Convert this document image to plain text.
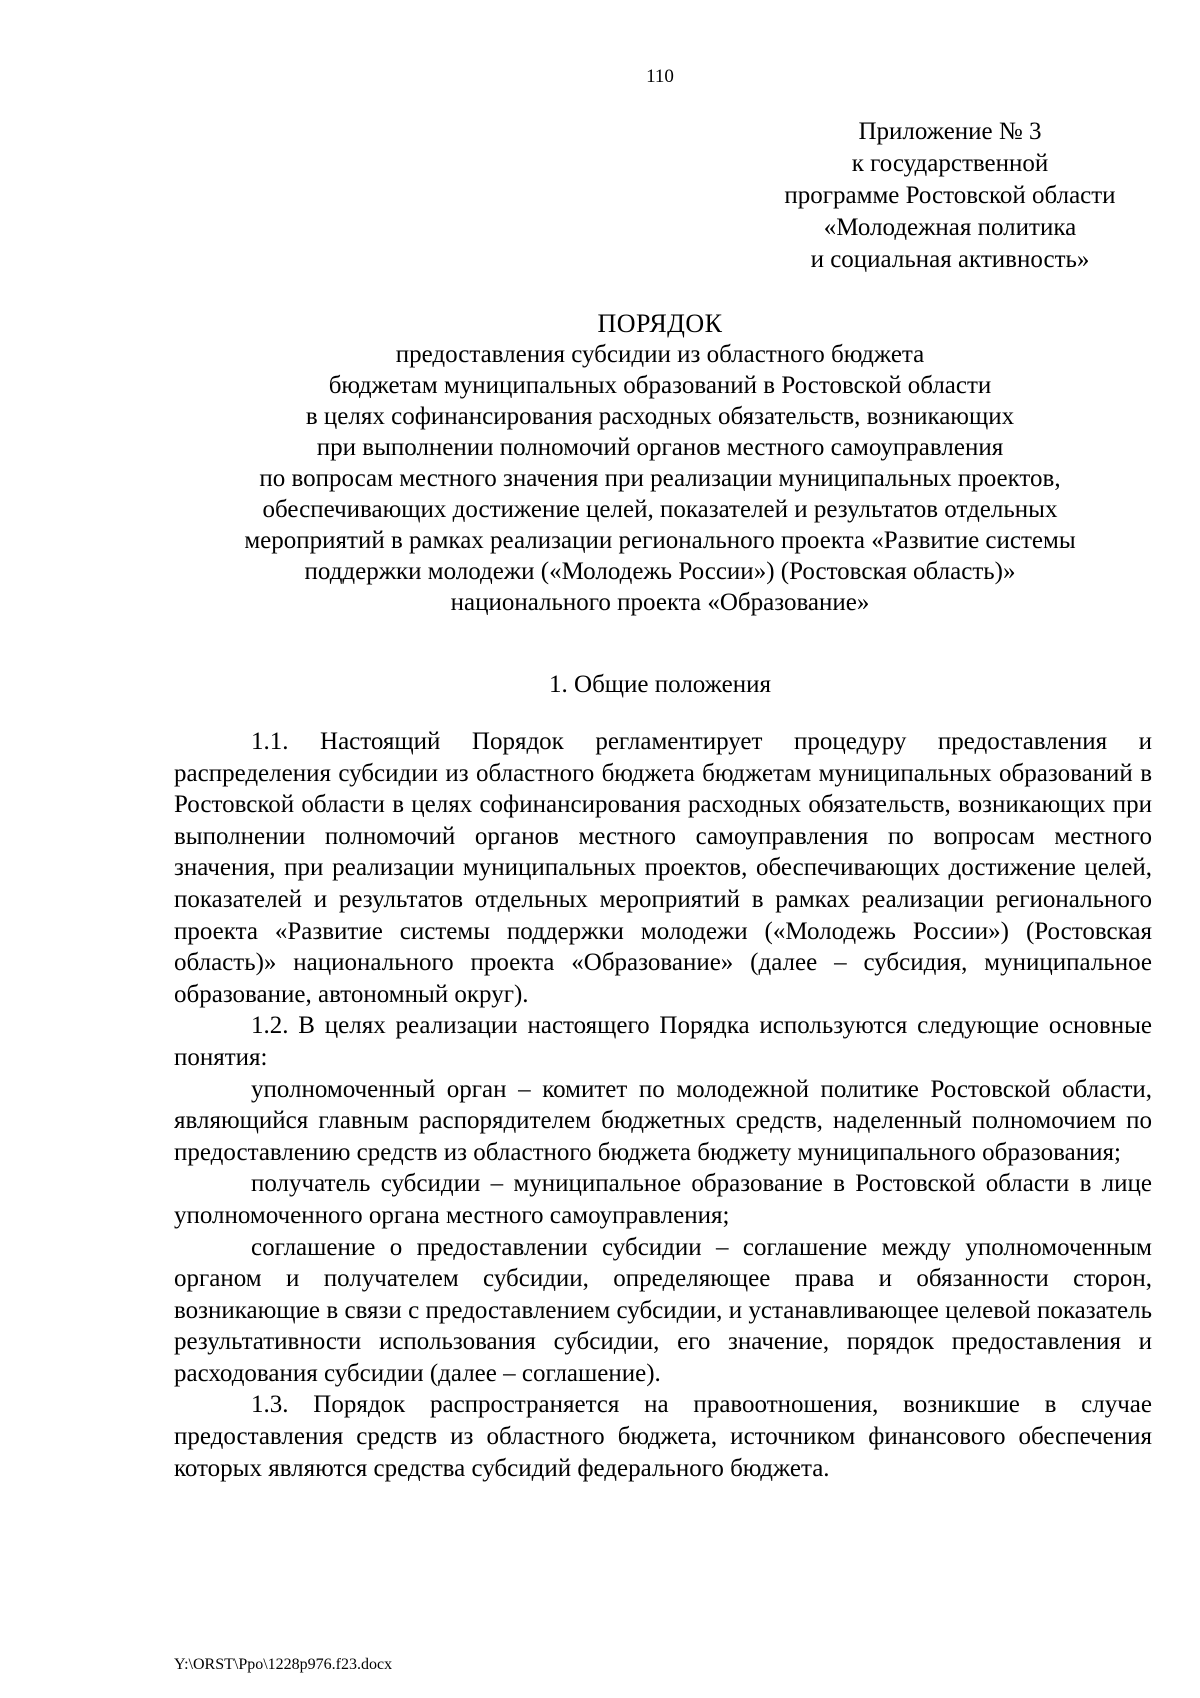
110
Приложение № 3
к государственной
программе Ростовской области
«Молодежная политика
и социальная активность»
ПОРЯДОК
предоставления субсидии из областного бюджета
бюджетам муниципальных образований в Ростовской области
в целях софинансирования расходных обязательств, возникающих
при выполнении полномочий органов местного самоуправления
по вопросам местного значения при реализации муниципальных проектов,
обеспечивающих достижение целей, показателей и результатов отдельных
мероприятий в рамках реализации регионального проекта «Развитие системы
поддержки молодежи («Молодежь России») (Ростовская область)»
национального проекта «Образование»
1. Общие положения

1.1. Настоящий Порядок регламентирует процедуру предоставления и распределения субсидии из областного бюджета бюджетам муниципальных образований в Ростовской области в целях софинансирования расходных обязательств, возникающих при выполнении полномочий органов местного самоуправления по вопросам местного значения, при реализации муниципальных проектов, обеспечивающих достижение целей, показателей и результатов отдельных мероприятий в рамках реализации регионального проекта «Развитие системы поддержки молодежи («Молодежь России») (Ростовская область)» национального проекта «Образование» (далее – субсидия, муниципальное образование, автономный округ).

1.2. В целях реализации настоящего Порядка используются следующие основные понятия:

уполномоченный орган – комитет по молодежной политике Ростовской области, являющийся главным распорядителем бюджетных средств, наделенный полномочием по предоставлению средств из областного бюджета бюджету муниципального образования;

получатель субсидии – муниципальное образование в Ростовской области в лице уполномоченного органа местного самоуправления;

соглашение о предоставлении субсидии – соглашение между уполномоченным органом и получателем субсидии, определяющее права и обязанности сторон, возникающие в связи с предоставлением субсидии, и устанавливающее целевой показатель результативности использования субсидии, его значение, порядок предоставления и расходования субсидии (далее – соглашение).

1.3. Порядок распространяется на правоотношения, возникшие в случае предоставления средств из областного бюджета, источником финансового обеспечения которых являются средства субсидий федерального бюджета.

Y:\ORST\Ppo\1228p976.f23.docx
